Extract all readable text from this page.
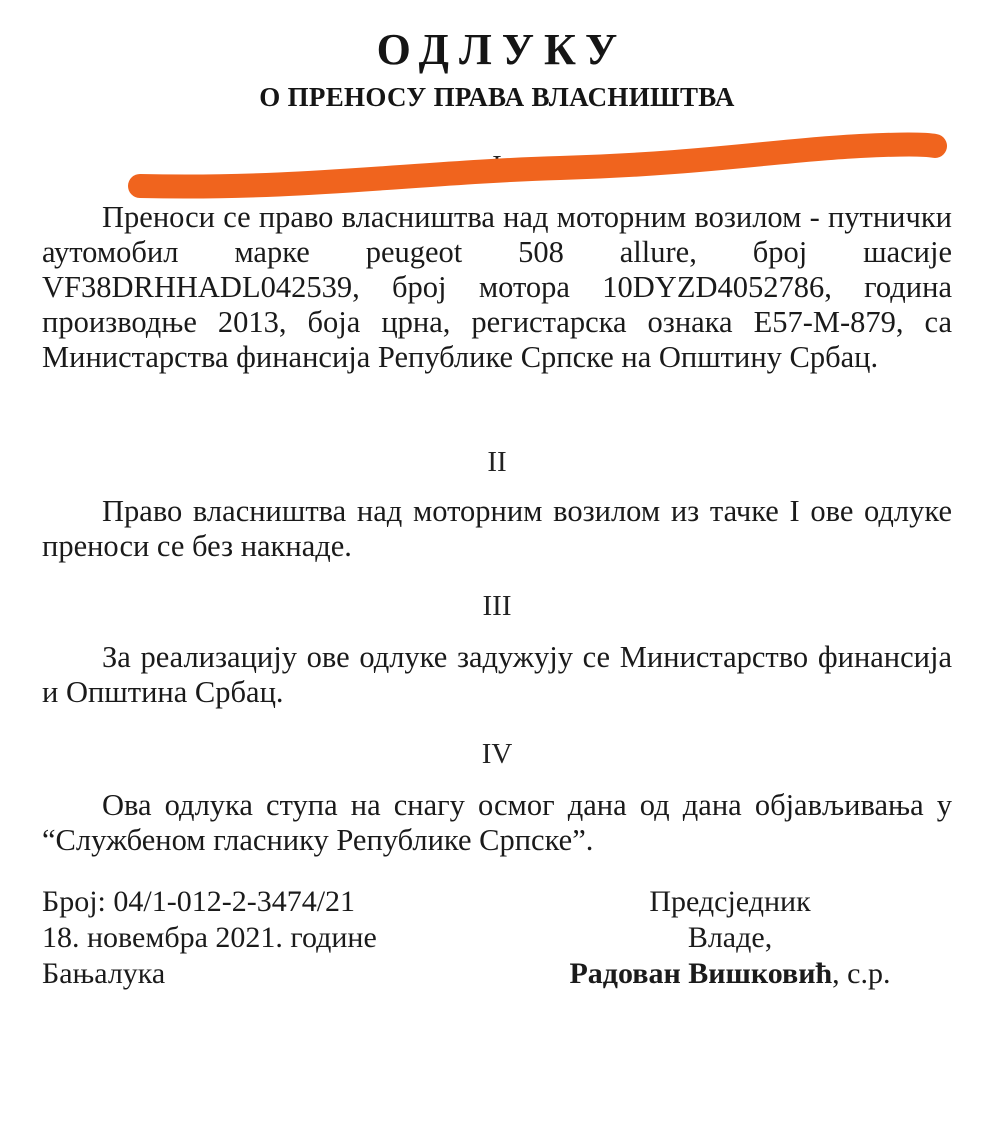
ОДЛУКУ
О ПРЕНОСУ ПРАВА ВЛАСНИШТВА
I
Преноси се право власништва над моторним возилом - путнички аутомобил марке peugeot 508 allure, број шасије VF38DRHHADL042539, број мотора 10DYZD4052786, година производње 2013, боја црна, регистарска ознака Е57-М-879, са Министарства финансија Републике Српске на Општину Србац.
II
Право власништва над моторним возилом из тачке I ове одлуке преноси се без накнаде.
III
За реализацију ове одлуке задужују се Министарство финансија и Општина Србац.
IV
Ова одлука ступа на снагу осмог дана од дана објављивања у “Службеном гласнику Републике Српске”.
Број: 04/1-012-2-3474/21
18. новембра 2021. године
Бањалука
Предсједник
Владе,
Радован Вишковић, с.р.
